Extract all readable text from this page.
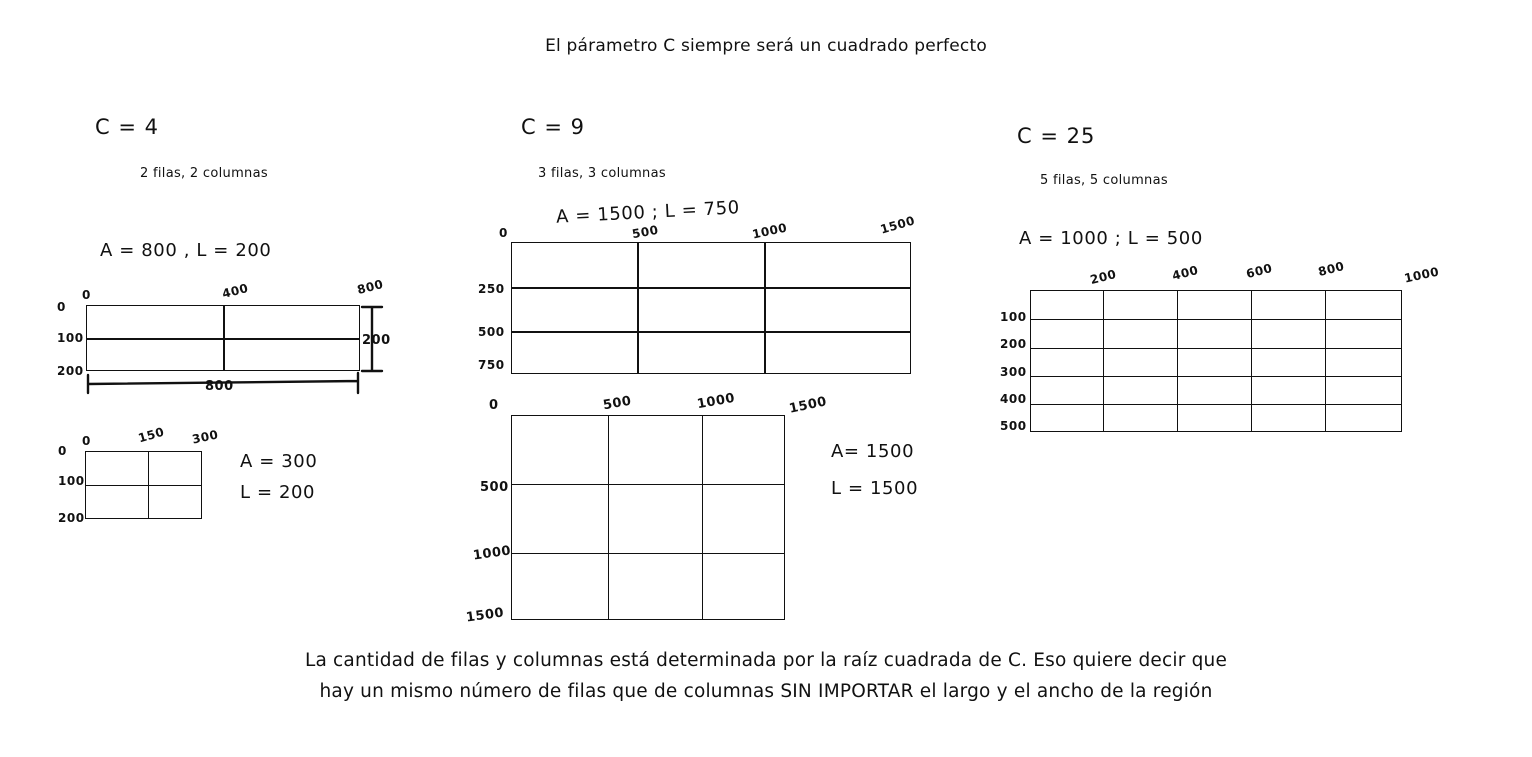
El párametro C siempre será un cuadrado perfecto
C = 4
2 filas, 2 columnas
A = 800 , L = 200
0	400	800
0
100
200
800
200
0	150 300
0
100
200
A = 300
L = 200
C = 9
3 filas, 3 columnas
A = 1500 ; L = 750
0	500	1000	1500
250
500
750
0	500	1000	1500
500
1000
1500
A= 1500
L = 1500
C = 25
5 filas, 5 columnas
A = 1000 ; L = 500
200	400	600	800	1000
100
200
300
400
500
La cantidad de filas y columnas está determinada por la raíz cuadrada de C. Eso quiere decir que
hay un mismo número de filas que de columnas SIN IMPORTAR el largo y el ancho de la región
